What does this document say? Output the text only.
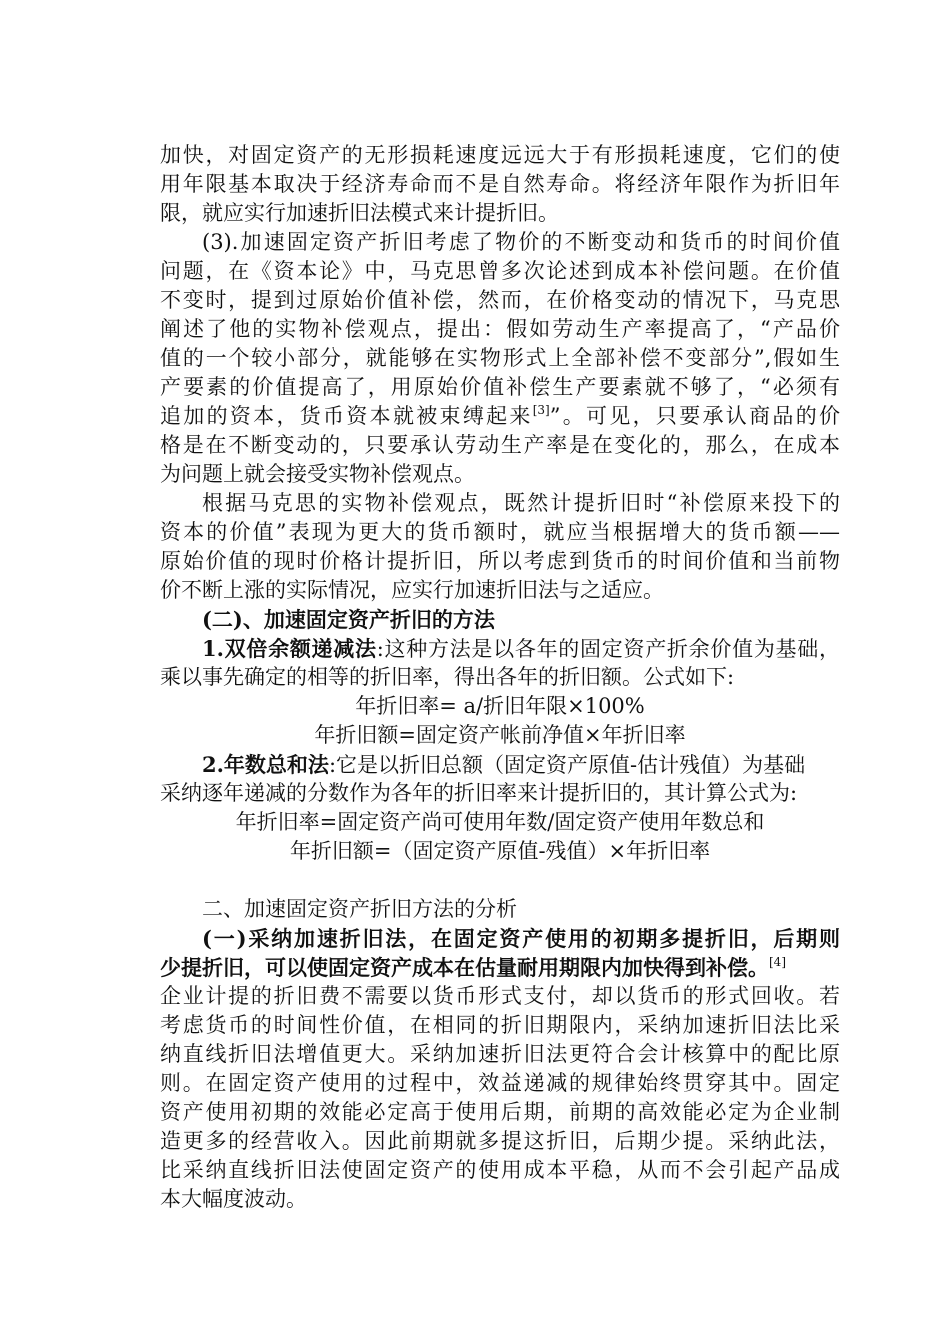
加快，对固定资产的无形损耗速度远远大于有形损耗速度，它们的使
用年限基本取决于经济寿命而不是自然寿命。将经济年限作为折旧年
限，就应实行加速折旧法模式来计提折旧。
(3).加速固定资产折旧考虑了物价的不断变动和货币的时间价值
问题，在《资本论》中，马克思曾多次论述到成本补偿问题。在价值
不变时，提到过原始价值补偿，然而，在价格变动的情况下，马克思
阐述了他的实物补偿观点，提出：假如劳动生产率提高了，“产品价
值的一个较小部分，就能够在实物形式上全部补偿不变部分”,假如生
产要素的价值提高了，用原始价值补偿生产要素就不够了，“必须有
追加的资本，货币资本就被束缚起来[3]”。可见，只要承认商品的价
格是在不断变动的，只要承认劳动生产率是在变化的，那么，在成本
为问题上就会接受实物补偿观点。
根据马克思的实物补偿观点，既然计提折旧时“补偿原来投下的
资本的价值”表现为更大的货币额时，就应当根据增大的货币额——
原始价值的现时价格计提折旧，所以考虑到货币的时间价值和当前物
价不断上涨的实际情况，应实行加速折旧法与之适应。
(二)、加速固定资产折旧的方法
1.双倍余额递减法:这种方法是以各年的固定资产折余价值为基础，
乘以事先确定的相等的折旧率，得出各年的折旧额。公式如下:
年折旧率= a/折旧年限×100%
年折旧额=固定资产帐前净值×年折旧率
2.年数总和法:它是以折旧总额（固定资产原值-估计残值）为基础
采纳逐年递减的分数作为各年的折旧率来计提折旧的，其计算公式为:
年折旧率=固定资产尚可使用年数/固定资产使用年数总和
年折旧额=（固定资产原值-残值）×年折旧率
二、加速固定资产折旧方法的分析
(一)采纳加速折旧法，在固定资产使用的初期多提折旧，后期则
少提折旧，可以使固定资产成本在估量耐用期限内加快得到补偿。[4]
企业计提的折旧费不需要以货币形式支付，却以货币的形式回收。若
考虑货币的时间性价值，在相同的折旧期限内，采纳加速折旧法比采
纳直线折旧法增值更大。采纳加速折旧法更符合会计核算中的配比原
则。在固定资产使用的过程中，效益递减的规律始终贯穿其中。固定
资产使用初期的效能必定高于使用后期，前期的高效能必定为企业制
造更多的经营收入。因此前期就多提这折旧，后期少提。采纳此法，
比采纳直线折旧法使固定资产的使用成本平稳，从而不会引起产品成
本大幅度波动。
